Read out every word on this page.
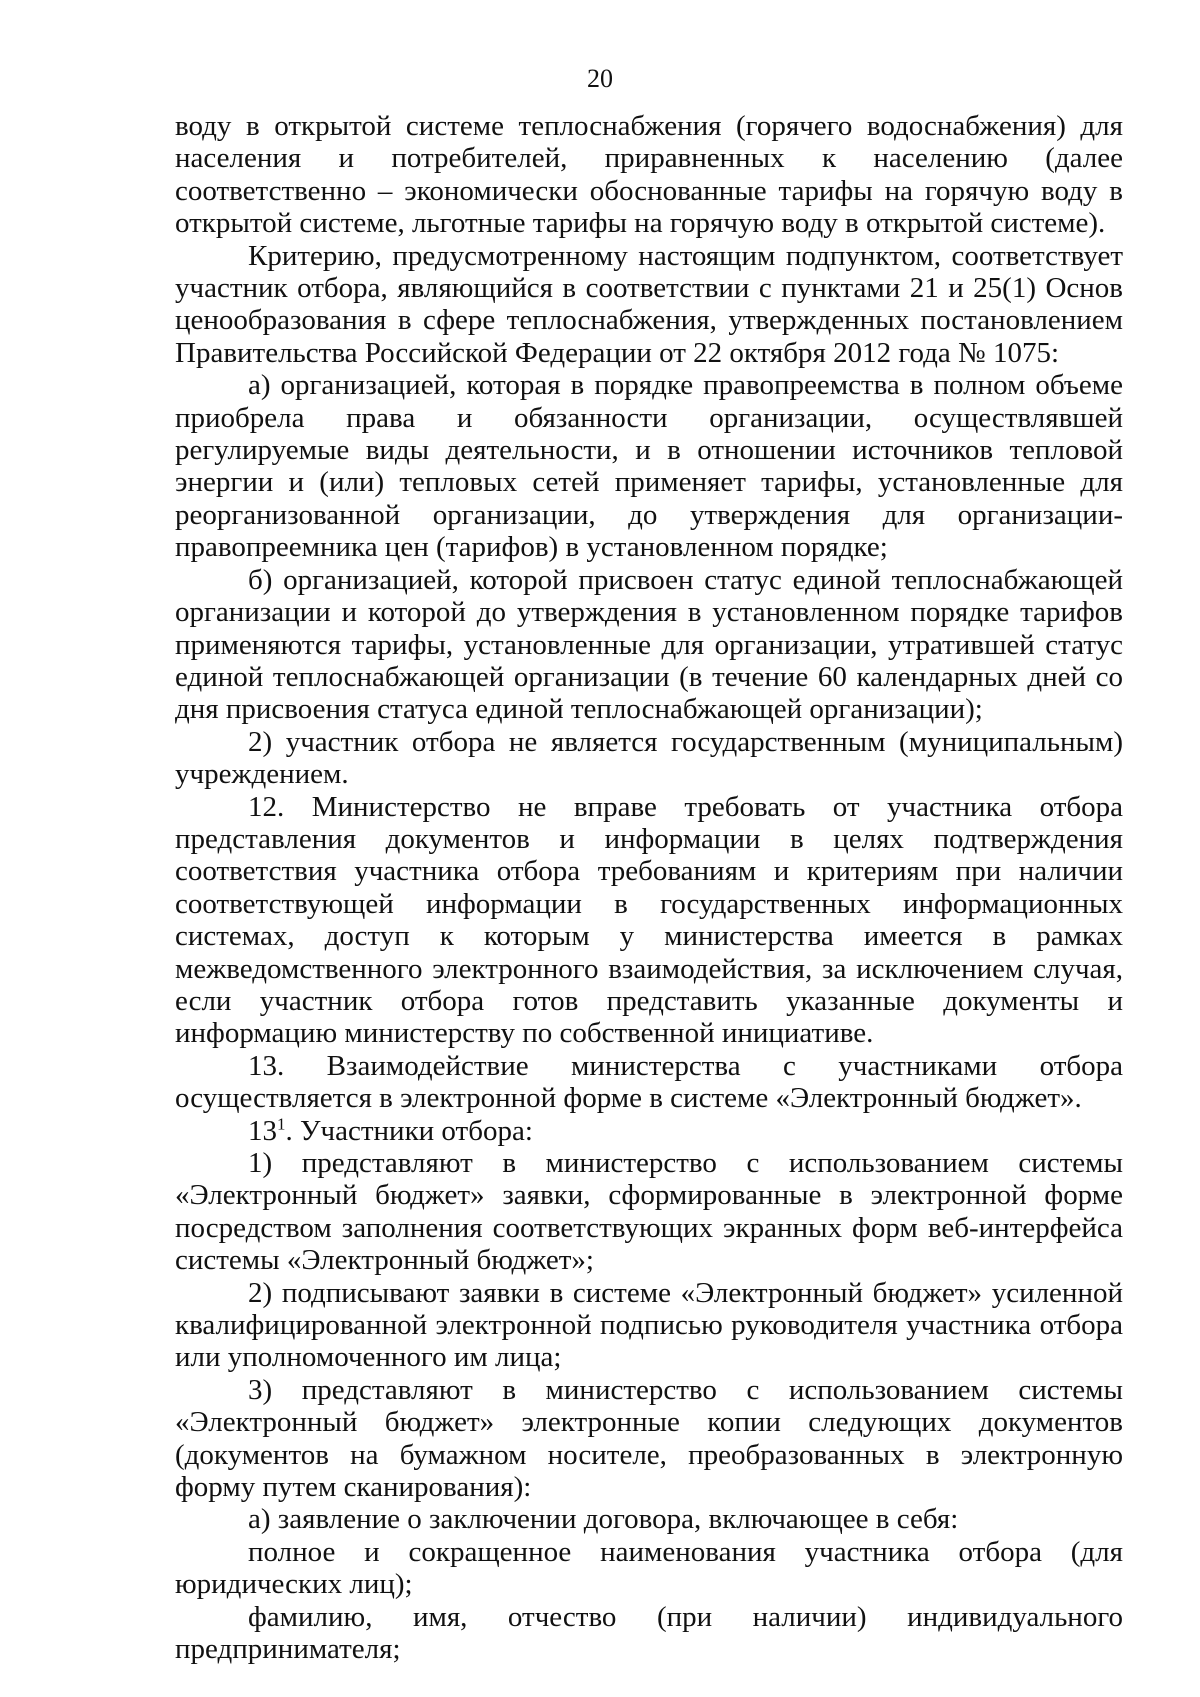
20

воду в открытой системе теплоснабжения (горячего водоснабжения) для населения и потребителей, приравненных к населению (далее соответственно – экономически обоснованные тарифы на горячую воду в открытой системе, льготные тарифы на горячую воду в открытой системе).

Критерию, предусмотренному настоящим подпунктом, соответствует участник отбора, являющийся в соответствии с пунктами 21 и 25(1) Основ ценообразования в сфере теплоснабжения, утвержденных постановлением Правительства Российской Федерации от 22 октября 2012 года № 1075:

а) организацией, которая в порядке правопреемства в полном объеме приобрела права и обязанности организации, осуществлявшей регулируемые виды деятельности, и в отношении источников тепловой энергии и (или) тепловых сетей применяет тарифы, установленные для реорганизованной организации, до утверждения для организации-правопреемника цен (тарифов) в установленном порядке;

б) организацией, которой присвоен статус единой теплоснабжающей организации и которой до утверждения в установленном порядке тарифов применяются тарифы, установленные для организации, утратившей статус единой теплоснабжающей организации (в течение 60 календарных дней со дня присвоения статуса единой теплоснабжающей организации);

2) участник отбора не является государственным (муниципальным) учреждением.

12. Министерство не вправе требовать от участника отбора представления документов и информации в целях подтверждения соответствия участника отбора требованиям и критериям при наличии соответствующей информации в государственных информационных системах, доступ к которым у министерства имеется в рамках межведомственного электронного взаимодействия, за исключением случая, если участник отбора готов представить указанные документы и информацию министерству по собственной инициативе.

13. Взаимодействие министерства с участниками отбора осуществляется в электронной форме в системе «Электронный бюджет».

$13^1$. Участники отбора:

1) представляют в министерство с использованием системы «Электронный бюджет» заявки, сформированные в электронной форме посредством заполнения соответствующих экранных форм веб-интерфейса системы «Электронный бюджет»;

2) подписывают заявки в системе «Электронный бюджет» усиленной квалифицированной электронной подписью руководителя участника отбора или уполномоченного им лица;

3) представляют в министерство с использованием системы «Электронный бюджет» электронные копии следующих документов (документов на бумажном носителе, преобразованных в электронную форму путем сканирования):

а) заявление о заключении договора, включающее в себя:

полное и сокращенное наименования участника отбора (для юридических лиц);

фамилию, имя, отчество (при наличии) индивидуального предпринимателя;
